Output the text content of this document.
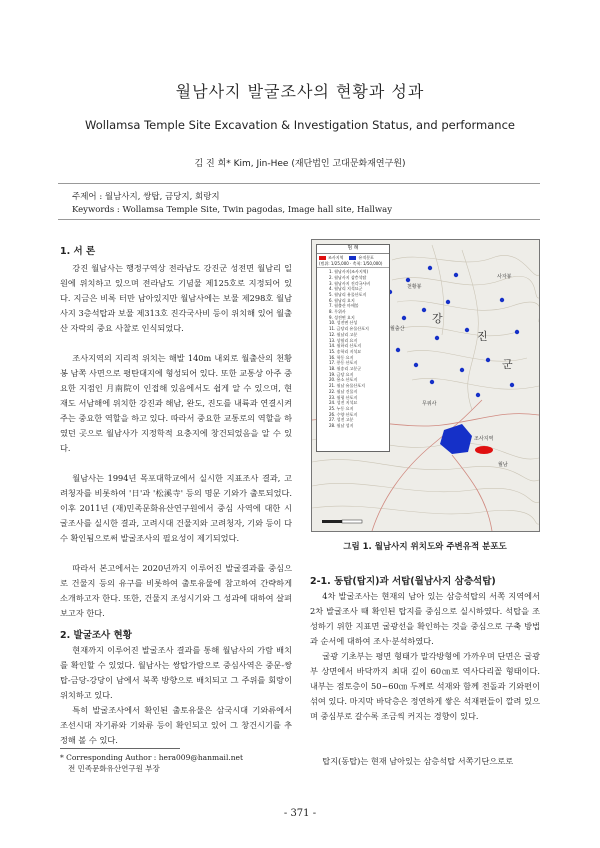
월남사지 발굴조사의 현황과 성과
Wollamsa Temple Site Excavation & Investigation Status, and performance
김 진 희* Kim, Jin-Hee (재단법인 고대문화재연구원)
주제어 : 월남사지, 쌍탑, 금당지, 회랑지
Keywords : Wollamsa Temple Site, Twin pagodas, Image hall site, Hallway
1. 서 론

강진 월남사는 행정구역상 전라남도 강진군 성전면 월남리 일원에 위치하고 있으며 전라남도 기념물 제125호로 지정되어 있다. 지금은 비록 터만 남아있지만 월남사에는 보물 제298호 월남사지 3층석탑과 보물 제313호 진각국사비 등이 위치해 있어 월출산 자락의 중요 사찰로 인식되었다.

조사지역의 지리적 위치는 해발 140m 내외로 월출산의 천황봉 남쪽 사면으로 평탄대지에 형성되어 있다. 또한 교통상 아주 중요한 지점인 月南院이 인접해 있음에서도 쉽게 알 수 있으며, 현재도 서남해에 위치한 강진과 해남, 완도, 진도를 내륙과 연결시켜 주는 중요한 역할을 하고 있다. 따라서 중요한 교통로의 역할을 하였던 곳으로 월남사가 지정학적 요충지에 창건되었음을 알 수 있다.

월남사는 1994년 목포대학교에서 실시한 지표조사 결과, 고려청자를 비롯하여 '日'과 '松溪寺' 등의 명문 기와가 출토되었다. 이후 2011년 (재)민족문화유산연구원에서 중심 사역에 대한 시굴조사를 실시한 결과, 고려시대 건물지와 고려청자, 기와 등이 다수 확인됨으로써 발굴조사의 필요성이 제기되었다.

따라서 본고에서는 2020년까지 이루어진 발굴결과를 중심으로 건물지 등의 유구를 비롯하여 출토유물에 참고하여 간략하게 소개하고자 한다. 또한, 건물지 조성시기와 그 성과에 대하여 살펴보고자 한다.

2. 발굴조사 현황

현재까지 이루어진 발굴조사 결과를 통해 월남사의 가람 배치를 확인할 수 있었다. 월남사는 쌍탑가람으로 중심사역은 중문-쌍탑-금당-강당이 남에서 북쪽 방향으로 배치되고 그 주위를 회랑이 위치하고 있다.

특히 발굴조사에서 확인된 출토유물은 삼국시대 기와류에서 조선시대 자기류와 기와류 등이 확인되고 있어 그 창건시기를 추정해 볼 수 있다.

* Corresponding Author : hera009@hanmail.net
전 민족문화유산연구원 부장
조사지역
사자봉
천황봉
월출산
강
진
군
무위사
월남
범 례
조사지역	유적분포
(범위: 1/25,000 · 축척: 1/50,000)
1. 월남사지(조사지역)
2. 월남사지 삼층석탑
3. 월남사지 진각국사비
4. 월남리 지석묘군
5. 월남리 유물산포지
6. 월남리 요지
7. 월출산 마애불
8. 무위사
9. 성전면 요지
10. 성전면 산성
11. 금당리 유물산포지
12. 월남리 고분
13. 상월리 요지
14. 월하리 산포지
15. 송학리 지석묘
16. 학동 요지
17. 풍동 산포지
18. 월송리 고분군
19. 금당 요지
20. 용소 산포지
21. 월남 유물산포지
22. 월남 건물지
23. 월평 산포지
24. 성전 지석묘
25. 누동 요지
26. 수양 산포지
27. 성전 고분
28. 월남 성지
그림 1. 월남사지 위치도와 주변유적 분포도
2-1. 동탑(탑지)과 서탑(월남사지 삼층석탑)

4차 발굴조사는 현재의 남아 있는 삼층석탑의 서쪽 지역에서 2차 발굴조사 때 확인된 탑지를 중심으로 실시하였다. 석탑을 조성하기 위한 지표면 굴광선을 확인하는 것을 중심으로 구축 방법과 순서에 대하여 조사·분석하였다.

굴광 기초부는 평면 형태가 말각방형에 가까우며 단면은 굴광부 상면에서 바닥까지 최대 깊이 60㎝로 역사다리꼴 형태이다. 내부는 점토층이 50~60㎝ 두께로 석재와 함께 전돌과 기와편이 섞여 있다. 마지막 바닥층은 정연하게 쌓은 석재편들이 깔려 있으며 중심부로 갈수록 조금씩 커지는 경향이 있다.

탑지(동탑)는 현재 남아있는 삼층석탑 서쪽기단으로로

- 371 -
